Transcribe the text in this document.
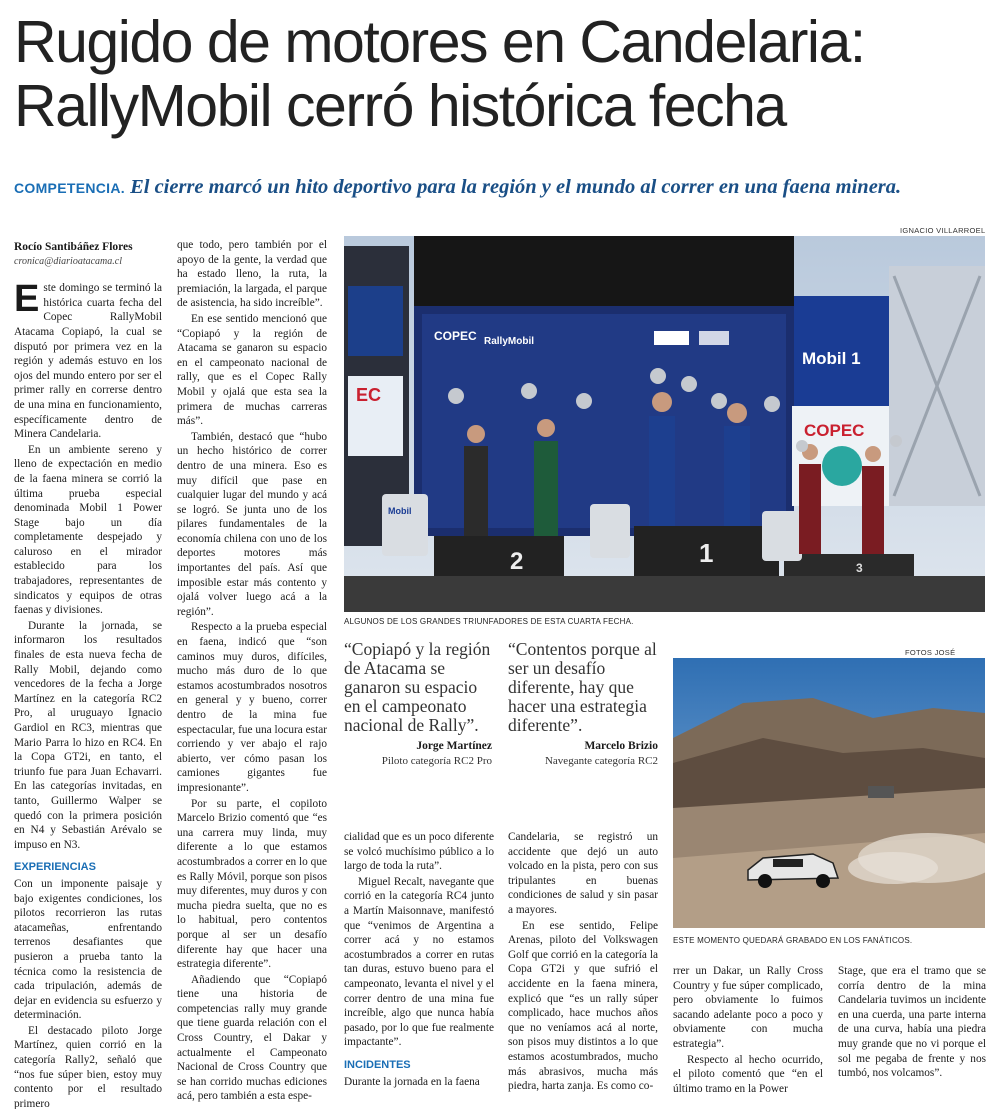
Rugido de motores en Candelaria:
RallyMobil cerró histórica fecha
COMPETENCIA. El cierre marcó un hito deportivo para la región y el mundo al correr en una faena minera.
Rocío Santibáñez Flores
cronica@diarioatacama.cl

Este domingo se terminó la histórica cuarta fecha del Copec RallyMobil Atacama Copiapó, la cual se disputó por primera vez en la región y además estuvo en los ojos del mundo entero por ser el primer rally en correrse dentro de una mina en funcionamiento, específicamente dentro de Minera Candelaria.

En un ambiente sereno y lleno de expectación en medio de la faena minera se corrió la última prueba especial denominada Mobil 1 Power Stage bajo un día completamente despejado y caluroso en el mirador establecido para los trabajadores, representantes de sindicatos y equipos de otras faenas y divisiones.

Durante la jornada, se informaron los resultados finales de esta nueva fecha de Rally Mobil, dejando como vencedores de la fecha a Jorge Martínez en la categoría RC2 Pro, al uruguayo Ignacio Gardiol en RC3, mientras que Mario Parra lo hizo en RC4. En la Copa GT2i, en tanto, el triunfo fue para Juan Echavarri. En las categorías invitadas, en tanto, Guillermo Walper se quedó con la primera posición en N4 y Sebastián Arévalo se impuso en N3.

EXPERIENCIAS

Con un imponente paisaje y bajo exigentes condiciones, los pilotos recorrieron las rutas atacameñas, enfrentando terrenos desafiantes que pusieron a prueba tanto la técnica como la resistencia de cada tripulación, además de dejar en evidencia su esfuerzo y determinación.

El destacado piloto Jorge Martínez, quien corrió en la categoría Rally2, señaló que “nos fue súper bien, estoy muy contento por el resultado primero

que todo, pero también por el apoyo de la gente, la verdad que ha estado lleno, la ruta, la premiación, la largada, el parque de asistencia, ha sido increíble”.

En ese sentido mencionó que “Copiapó y la región de Atacama se ganaron su espacio en el campeonato nacional de rally, que es el Copec Rally Mobil y ojalá que esta sea la primera de muchas carreras más”.

También, destacó que “hubo un hecho histórico de correr dentro de una minera. Eso es muy difícil que pase en cualquier lugar del mundo y acá se logró. Se junta uno de los pilares fundamentales de la economía chilena con uno de los deportes motores más importantes del país. Así que imposible estar más contento y ojalá volver luego acá a la región”.

Respecto a la prueba especial en faena, indicó que “son caminos muy duros, difíciles, mucho más duro de lo que estamos acostumbrados nosotros en general y y bueno, correr dentro de la mina fue espectacular, fue una locura estar corriendo y ver abajo el rajo abierto, ver cómo pasan los camiones gigantes fue impresionante”.

Por su parte, el copiloto Marcelo Brizio comentó que “es una carrera muy linda, muy diferente a lo que estamos acostumbrados a correr en lo que es Rally Móvil, porque son pisos muy diferentes, muy duros y con mucha piedra suelta, que no es lo habitual, pero contentos porque al ser un desafío diferente hay que hacer una estrategia diferente”.

Añadiendo que “Copiapó tiene una historia de competencias rally muy grande que tiene guarda relación con el Cross Country, el Dakar y actualmente el Campeonato Nacional de Cross Country que se han corrido muchas ediciones acá, pero también a esta espe-

IGNACIO VILLARROEL
EC
COPEC RallyMobil
Mobil 1
COPEC
2	1	3
Mobil
ALGUNOS DE LOS GRANDES TRIUNFADORES DE ESTA CUARTA FECHA.
“Copiapó y la región de Atacama se ganaron su espacio en el campeonato nacional de Rally”.
Jorge Martínez
Piloto categoría RC2 Pro
“Contentos porque al ser un desafío diferente, hay que hacer una estrategia diferente”.
Marcelo Brizio
Navegante categoría RC2
FOTOS JOSÉ
ESTE MOMENTO QUEDARÁ GRABADO EN LOS FANÁTICOS.

cialidad que es un poco diferente se volcó muchísimo público a lo largo de toda la ruta”.

Miguel Recalt, navegante que corrió en la categoría RC4 junto a Martín Maisonnave, manifestó que “venimos de Argentina a correr acá y no estamos acostumbrados a correr en rutas tan duras, estuvo bueno para el campeonato, levanta el nivel y el correr dentro de una mina fue increíble, algo que nunca había pasado, por lo que fue realmente impactante”.

INCIDENTES

Durante la jornada en la faena

Candelaria, se registró un accidente que dejó un auto volcado en la pista, pero con sus tripulantes en buenas condiciones de salud y sin pasar a mayores.

En ese sentido, Felipe Arenas, piloto del Volkswagen Golf que corrió en la categoría la Copa GT2i y que sufrió el accidente en la faena minera, explicó que “es un rally súper complicado, hace muchos años que no veníamos acá al norte, son pisos muy distintos a lo que estamos acostumbrados, mucho más abrasivos, mucha más piedra, harta zanja. Es como co-

rrer un Dakar, un Rally Cross Country y fue súper complicado, pero obviamente lo fuimos sacando adelante poco a poco y obviamente con mucha estrategia”.

Respecto al hecho ocurrido, el piloto comentó que “en el último tramo en la Power

Stage, que era el tramo que se corría dentro de la mina Candelaria tuvimos un incidente en una cuerda, una parte interna de una curva, había una piedra muy grande que no vi porque el sol me pegaba de frente y nos tumbó, nos volcamos”.
